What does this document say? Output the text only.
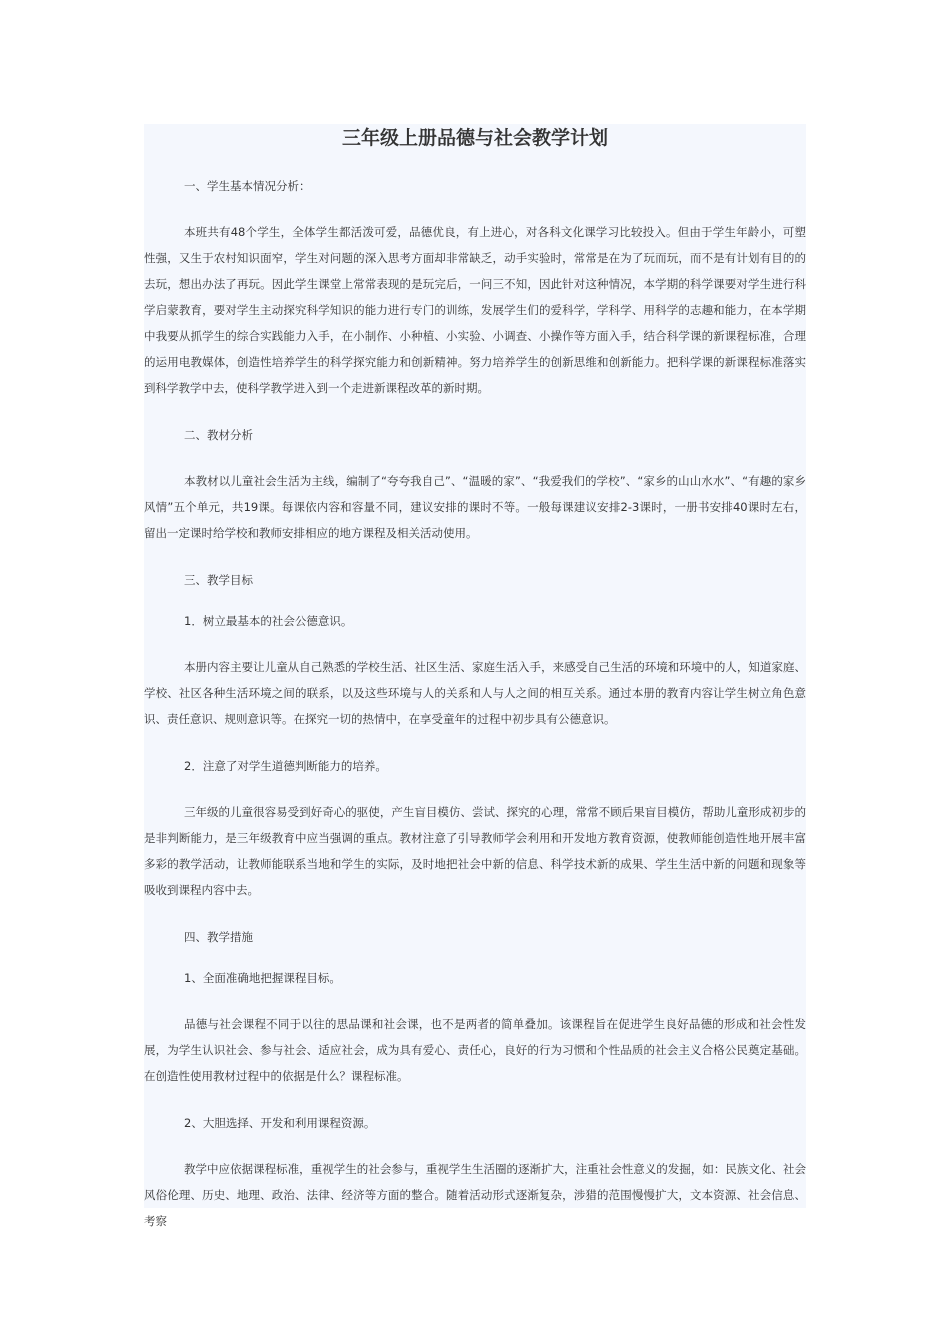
三年级上册品德与社会教学计划

一、学生基本情况分析：

本班共有48个学生，全体学生都活泼可爱，品德优良，有上进心，对各科文化课学习比较投入。但由于学生年龄小，可塑性强，又生于农村知识面窄，学生对问题的深入思考方面却非常缺乏，动手实验时，常常是在为了玩而玩，而不是有计划有目的的去玩，想出办法了再玩。因此学生课堂上常常表现的是玩完后，一问三不知，因此针对这种情况，本学期的科学课要对学生进行科学启蒙教育，要对学生主动探究科学知识的能力进行专门的训练，发展学生们的爱科学，学科学、用科学的志趣和能力，在本学期中我要从抓学生的综合实践能力入手，在小制作、小种植、小实验、小调查、小操作等方面入手，结合科学课的新课程标准，合理的运用电教媒体，创造性培养学生的科学探究能力和创新精神。努力培养学生的创新思维和创新能力。把科学课的新课程标准落实到科学教学中去，使科学教学进入到一个走进新课程改革的新时期。

二、教材分析

本教材以儿童社会生活为主线，编制了“夸夸我自己”、“温暖的家”、“我爱我们的学校”、“家乡的山山水水”、“有趣的家乡风情”五个单元，共19课。每课依内容和容量不同，建议安排的课时不等。一般每课建议安排2-3课时，一册书安排40课时左右，留出一定课时给学校和教师安排相应的地方课程及相关活动使用。

三、教学目标

1．树立最基本的社会公德意识。

本册内容主要让儿童从自己熟悉的学校生活、社区生活、家庭生活入手，来感受自己生活的环境和环境中的人，知道家庭、学校、社区各种生活环境之间的联系，以及这些环境与人的关系和人与人之间的相互关系。通过本册的教育内容让学生树立角色意识、责任意识、规则意识等。在探究一切的热情中，在享受童年的过程中初步具有公德意识。

2．注意了对学生道德判断能力的培养。

三年级的儿童很容易受到好奇心的驱使，产生盲目模仿、尝试、探究的心理，常常不顾后果盲目模仿，帮助儿童形成初步的是非判断能力，是三年级教育中应当强调的重点。教材注意了引导教师学会利用和开发地方教育资源，使教师能创造性地开展丰富多彩的教学活动，让教师能联系当地和学生的实际，及时地把社会中新的信息、科学技术新的成果、学生生活中新的问题和现象等吸收到课程内容中去。

四、教学措施

1、全面准确地把握课程目标。

品德与社会课程不同于以往的思品课和社会课，也不是两者的简单叠加。该课程旨在促进学生良好品德的形成和社会性发展，为学生认识社会、参与社会、适应社会，成为具有爱心、责任心，良好的行为习惯和个性品质的社会主义合格公民奠定基础。在创造性使用教材过程中的依据是什么？课程标准。

2、大胆选择、开发和利用课程资源。

教学中应依据课程标准，重视学生的社会参与，重视学生生活圈的逐渐扩大，注重社会性意义的发掘，如：民族文化、社会风俗伦理、历史、地理、政治、法律、经济等方面的整合。随着活动形式逐渐复杂，涉猎的范围慢慢扩大，文本资源、社会信息、考察
